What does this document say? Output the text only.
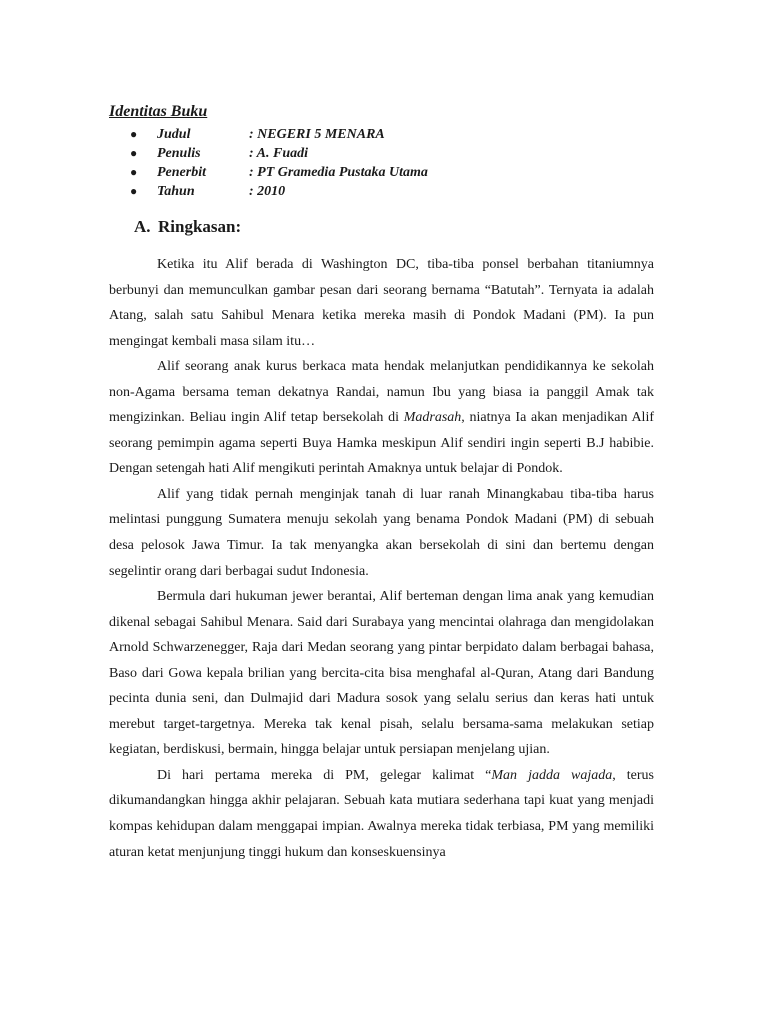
Identitas Buku
● Judul	: NEGERI 5 MENARA
● Penulis	: A. Fuadi
● Penerbit	: PT Gramedia Pustaka Utama
● Tahun	: 2010
A. Ringkasan:

Ketika itu Alif berada di Washington DC, tiba-tiba ponsel berbahan titaniumnya berbunyi dan memunculkan gambar pesan dari seorang bernama “Batutah”. Ternyata ia adalah Atang, salah satu Sahibul Menara ketika mereka masih di Pondok Madani (PM). Ia pun mengingat kembali masa silam itu…

Alif seorang anak kurus berkaca mata hendak melanjutkan pendidikannya ke sekolah non-Agama bersama teman dekatnya Randai, namun Ibu yang biasa ia panggil Amak tak mengizinkan. Beliau ingin Alif tetap bersekolah di Madrasah, niatnya Ia akan menjadikan Alif seorang pemimpin agama seperti Buya Hamka meskipun Alif sendiri ingin seperti B.J habibie. Dengan setengah hati Alif mengikuti perintah Amaknya untuk belajar di Pondok.

Alif yang tidak pernah menginjak tanah di luar ranah Minangkabau tiba-tiba harus melintasi punggung Sumatera menuju sekolah yang benama Pondok Madani (PM) di sebuah desa pelosok Jawa Timur. Ia tak menyangka akan bersekolah di sini dan bertemu dengan segelintir orang dari berbagai sudut Indonesia.

Bermula dari hukuman jewer berantai, Alif berteman dengan lima anak yang kemudian dikenal sebagai Sahibul Menara. Said dari Surabaya yang mencintai olahraga dan mengidolakan Arnold Schwarzenegger, Raja dari Medan seorang yang pintar berpidato dalam berbagai bahasa, Baso dari Gowa kepala brilian yang bercita-cita bisa menghafal al-Quran, Atang dari Bandung pecinta dunia seni, dan Dulmajid dari Madura sosok yang selalu serius dan keras hati untuk merebut target-targetnya. Mereka tak kenal pisah, selalu bersama-sama melakukan setiap kegiatan, berdiskusi, bermain, hingga belajar untuk persiapan menjelang ujian.

Di hari pertama mereka di PM, gelegar kalimat “Man jadda wajada, terus dikumandangkan hingga akhir pelajaran. Sebuah kata mutiara sederhana tapi kuat yang menjadi kompas kehidupan dalam menggapai impian. Awalnya mereka tidak terbiasa, PM yang memiliki aturan ketat menjunjung tinggi hukum dan konseskuensinya
